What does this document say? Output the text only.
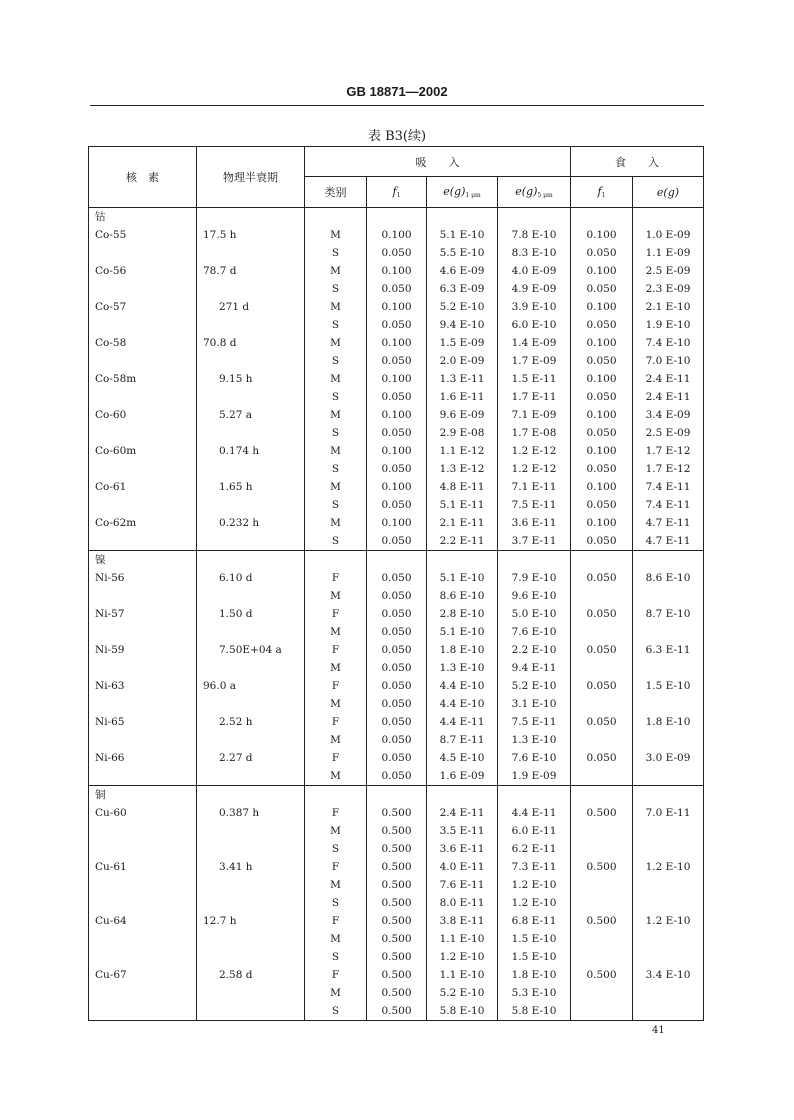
GB 18871—2002
表 B3(续)
核　素	物理半衰期	吸　　入				食　　入	
		类别	$f_1$	$e(g)_{1 \mu m}$	$e(g)_{5 \mu m}$	$f_1$	e(g)
钴							
Co-55	17.5 h	M	0.100	5.1 E-10	7.8 E-10	0.100	1.0 E-09
		S	0.050	5.5 E-10	8.3 E-10	0.050	1.1 E-09
Co-56	78.7 d	M	0.100	4.6 E-09	4.0 E-09	0.100	2.5 E-09
		S	0.050	6.3 E-09	4.9 E-09	0.050	2.3 E-09
Co-57	271 d	M	0.100	5.2 E-10	3.9 E-10	0.100	2.1 E-10
		S	0.050	9.4 E-10	6.0 E-10	0.050	1.9 E-10
Co-58	70.8 d	M	0.100	1.5 E-09	1.4 E-09	0.100	7.4 E-10
		S	0.050	2.0 E-09	1.7 E-09	0.050	7.0 E-10
Co-58m	9.15 h	M	0.100	1.3 E-11	1.5 E-11	0.100	2.4 E-11
		S	0.050	1.6 E-11	1.7 E-11	0.050	2.4 E-11
Co-60	5.27 a	M	0.100	9.6 E-09	7.1 E-09	0.100	3.4 E-09
		S	0.050	2.9 E-08	1.7 E-08	0.050	2.5 E-09
Co-60m	0.174 h	M	0.100	1.1 E-12	1.2 E-12	0.100	1.7 E-12
		S	0.050	1.3 E-12	1.2 E-12	0.050	1.7 E-12
Co-61	1.65 h	M	0.100	4.8 E-11	7.1 E-11	0.100	7.4 E-11
		S	0.050	5.1 E-11	7.5 E-11	0.050	7.4 E-11
Co-62m	0.232 h	M	0.100	2.1 E-11	3.6 E-11	0.100	4.7 E-11
		S	0.050	2.2 E-11	3.7 E-11	0.050	4.7 E-11
镍							
Ni-56	6.10 d	F	0.050	5.1 E-10	7.9 E-10	0.050	8.6 E-10
		M	0.050	8.6 E-10	9.6 E-10		
Ni-57	1.50 d	F	0.050	2.8 E-10	5.0 E-10	0.050	8.7 E-10
		M	0.050	5.1 E-10	7.6 E-10		
Ni-59	7.50E+04 a	F	0.050	1.8 E-10	2.2 E-10	0.050	6.3 E-11
		M	0.050	1.3 E-10	9.4 E-11		
Ni-63	96.0 a	F	0.050	4.4 E-10	5.2 E-10	0.050	1.5 E-10
		M	0.050	4.4 E-10	3.1 E-10		
Ni-65	2.52 h	F	0.050	4.4 E-11	7.5 E-11	0.050	1.8 E-10
		M	0.050	8.7 E-11	1.3 E-10		
Ni-66	2.27 d	F	0.050	4.5 E-10	7.6 E-10	0.050	3.0 E-09
		M	0.050	1.6 E-09	1.9 E-09		
铜							
Cu-60	0.387 h	F	0.500	2.4 E-11	4.4 E-11	0.500	7.0 E-11
		M	0.500	3.5 E-11	6.0 E-11		
		S	0.500	3.6 E-11	6.2 E-11		
Cu-61	3.41 h	F	0.500	4.0 E-11	7.3 E-11	0.500	1.2 E-10
		M	0.500	7.6 E-11	1.2 E-10		
		S	0.500	8.0 E-11	1.2 E-10		
Cu-64	12.7 h	F	0.500	3.8 E-11	6.8 E-11	0.500	1.2 E-10
		M	0.500	1.1 E-10	1.5 E-10		
		S	0.500	1.2 E-10	1.5 E-10		
Cu-67	2.58 d	F	0.500	1.1 E-10	1.8 E-10	0.500	3.4 E-10
		M	0.500	5.2 E-10	5.3 E-10		
		S	0.500	5.8 E-10	5.8 E-10		
41
